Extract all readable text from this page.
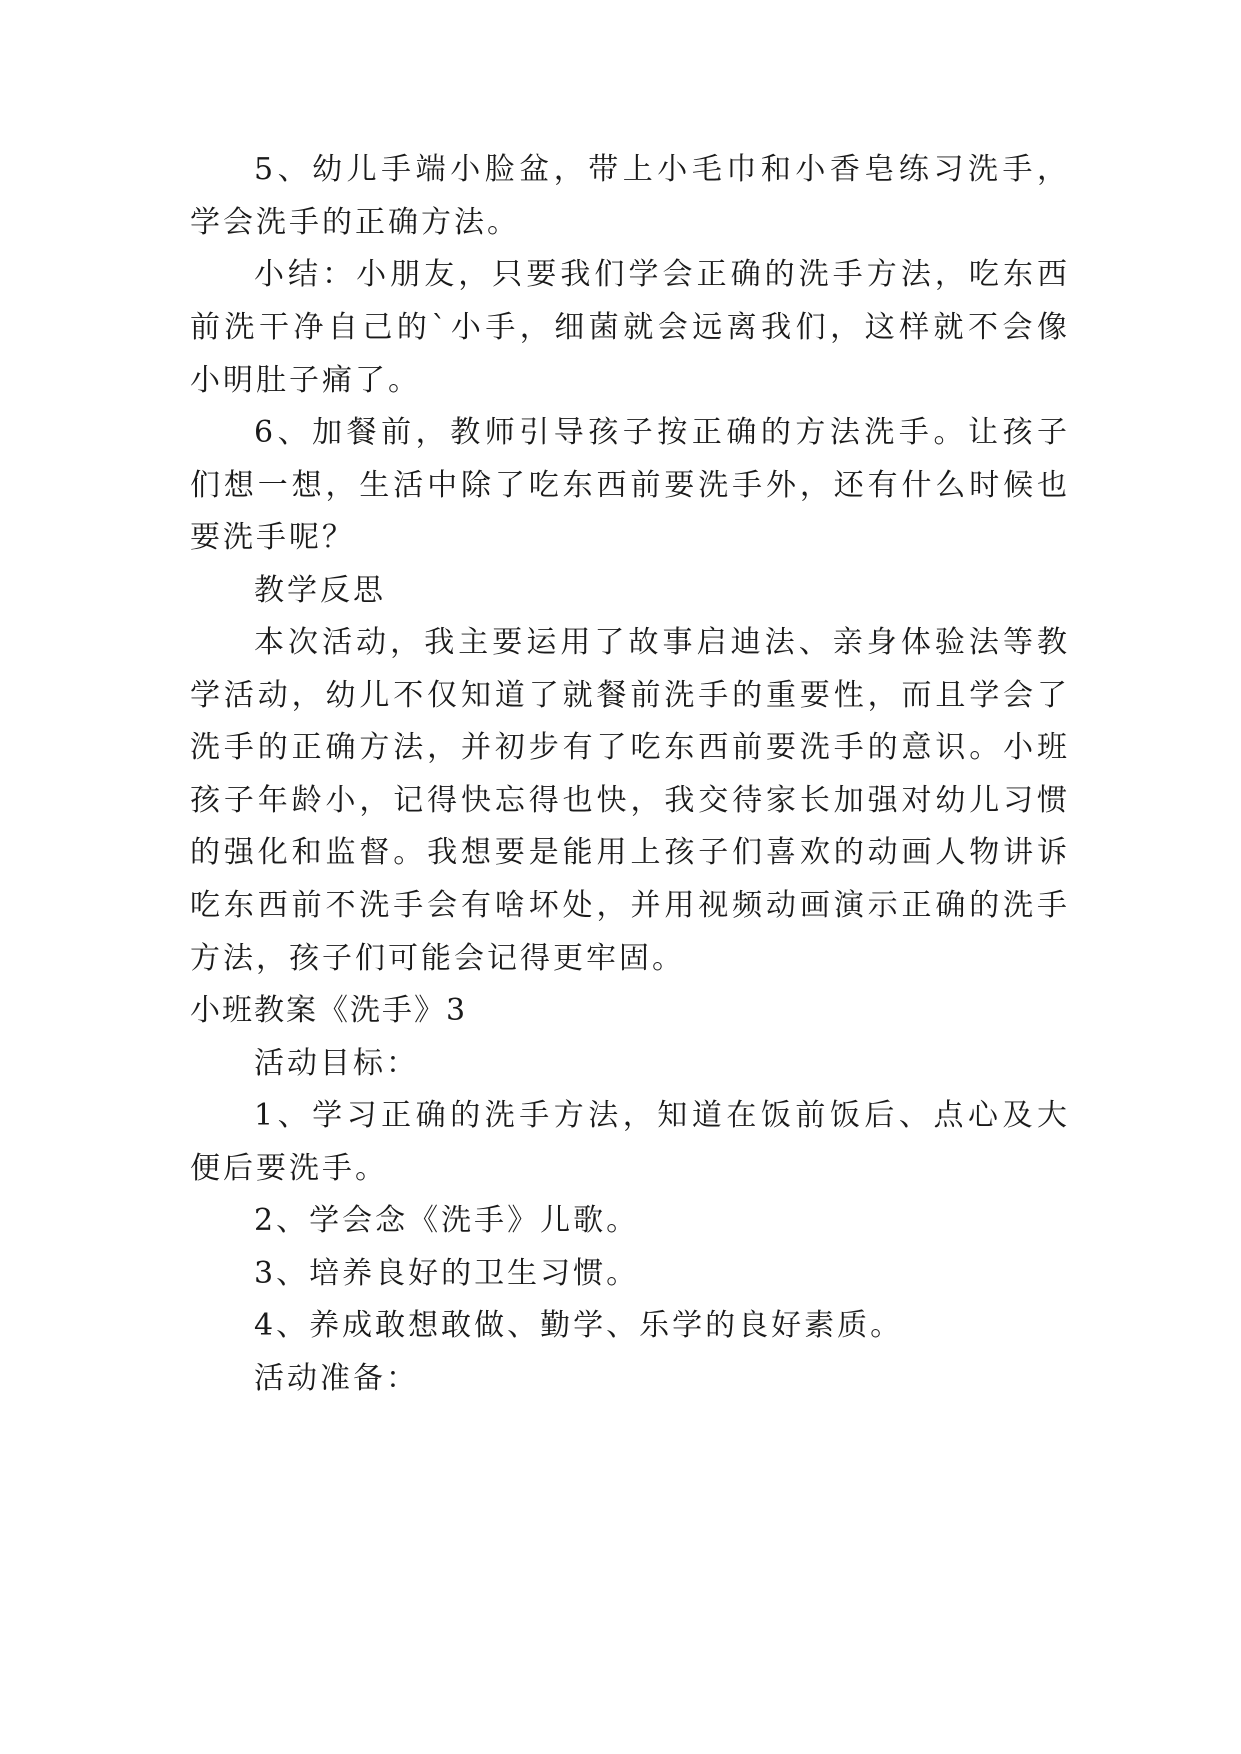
5、幼儿手端小脸盆，带上小毛巾和小香皂练习洗手，
学会洗手的正确方法。
小结：小朋友，只要我们学会正确的洗手方法，吃东西
前洗干净自己的`小手，细菌就会远离我们，这样就不会像
小明肚子痛了。
6、加餐前，教师引导孩子按正确的方法洗手。让孩子
们想一想，生活中除了吃东西前要洗手外，还有什么时候也
要洗手呢？
教学反思
本次活动，我主要运用了故事启迪法、亲身体验法等教
学活动，幼儿不仅知道了就餐前洗手的重要性，而且学会了
洗手的正确方法，并初步有了吃东西前要洗手的意识。小班
孩子年龄小，记得快忘得也快，我交待家长加强对幼儿习惯
的强化和监督。我想要是能用上孩子们喜欢的动画人物讲诉
吃东西前不洗手会有啥坏处，并用视频动画演示正确的洗手
方法，孩子们可能会记得更牢固。
小班教案《洗手》3
活动目标：
1、学习正确的洗手方法，知道在饭前饭后、点心及大
便后要洗手。
2、学会念《洗手》儿歌。
3、培养良好的卫生习惯。
4、养成敢想敢做、勤学、乐学的良好素质。
活动准备：
